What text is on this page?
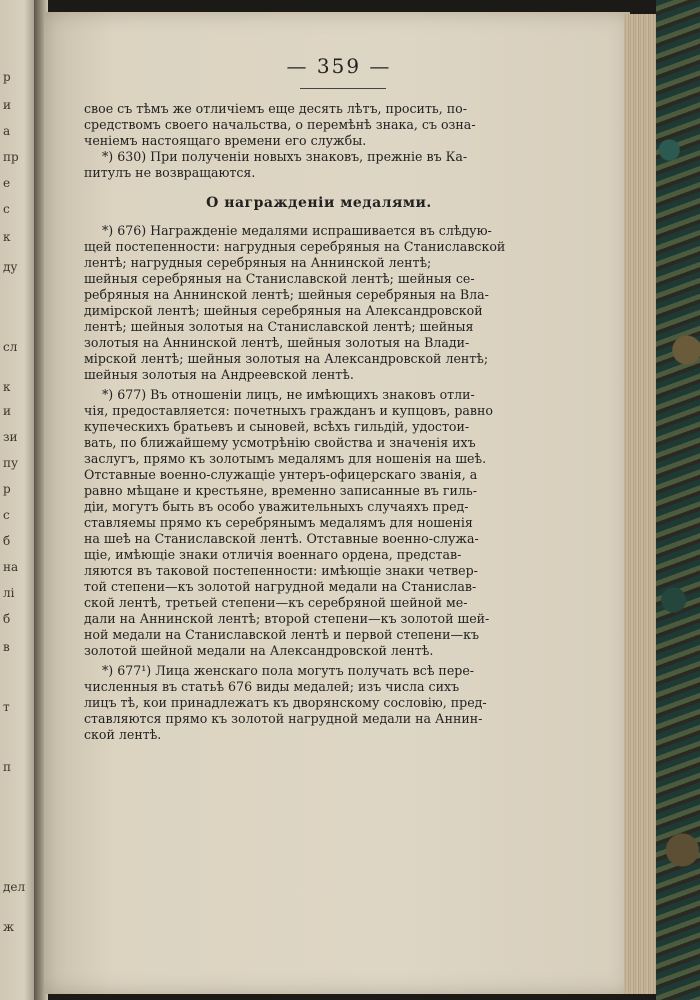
р
и
а
пр
е
с
к
ду
сл
к
и
зи
пу
р
с
б
на
лі
б
в
т
п
дел
ж
— 359 —
свое съ тѣмъ же отличіемъ еще десять лѣтъ, просить, по-
средствомъ своего начальства, о перемѣнѣ знака, съ озна-
ченіемъ настоящаго времени его службы.
*) 630) При полученіи новыхъ знаковъ, прежніе въ Ка-
питулъ не возвращаются.
О награжденіи медалями.
*) 676) Награжденіе медалями испрашивается въ слѣдую-
щей постепенности: нагрудныя серебряныя на Станиславской
лентѣ; нагрудныя серебряныя на Аннинской лентѣ;
шейныя серебряныя на Станиславской лентѣ; шейныя се-
ребряныя на Аннинской лентѣ; шейныя серебряныя на Вла-
димірской лентѣ; шейныя серебряныя на Александровской
лентѣ; шейныя золотыя на Станиславской лентѣ; шейныя
золотыя на Аннинской лентѣ, шейныя золотыя на Влади-
мірской лентѣ; шейныя золотыя на Александровской лентѣ;
шейныя золотыя на Андреевской лентѣ.
*) 677) Въ отношеніи лицъ, не имѣющихъ знаковъ отли-
чія, предоставляется: почетныхъ гражданъ и купцовъ, равно
купеческихъ братьевъ и сыновей, всѣхъ гильдій, удостои-
вать, по ближайшему усмотрѣнію свойства и значенія ихъ
заслугъ, прямо къ золотымъ медалямъ для ношенія на шеѣ.
Отставные военно-служащіе унтеръ-офицерскаго званія, а
равно мѣщане и крестьяне, временно записанные въ гиль-
діи, могутъ быть въ особо уважительныхъ случаяхъ пред-
ставляемы прямо къ серебрянымъ медалямъ для ношенія
на шеѣ на Станиславской лентѣ. Отставные военно-служа-
щіе, имѣющіе знаки отличія военнаго ордена, представ-
ляются въ таковой постепенности: имѣющіе знаки четвер-
той степени—къ золотой нагрудной медали на Станислав-
ской лентѣ, третьей степени—къ серебряной шейной ме-
дали на Аннинской лентѣ; второй степени—къ золотой шей-
ной медали на Станиславской лентѣ и первой степени—къ
золотой шейной медали на Александровской лентѣ.
*) 677¹) Лица женскаго пола могутъ получать всѣ пере-
численныя въ статьѣ 676 виды медалей; изъ числа сихъ
лицъ тѣ, кои принадлежатъ къ дворянскому сословію, пред-
ставляются прямо къ золотой нагрудной медали на Аннин-
ской лентѣ.
